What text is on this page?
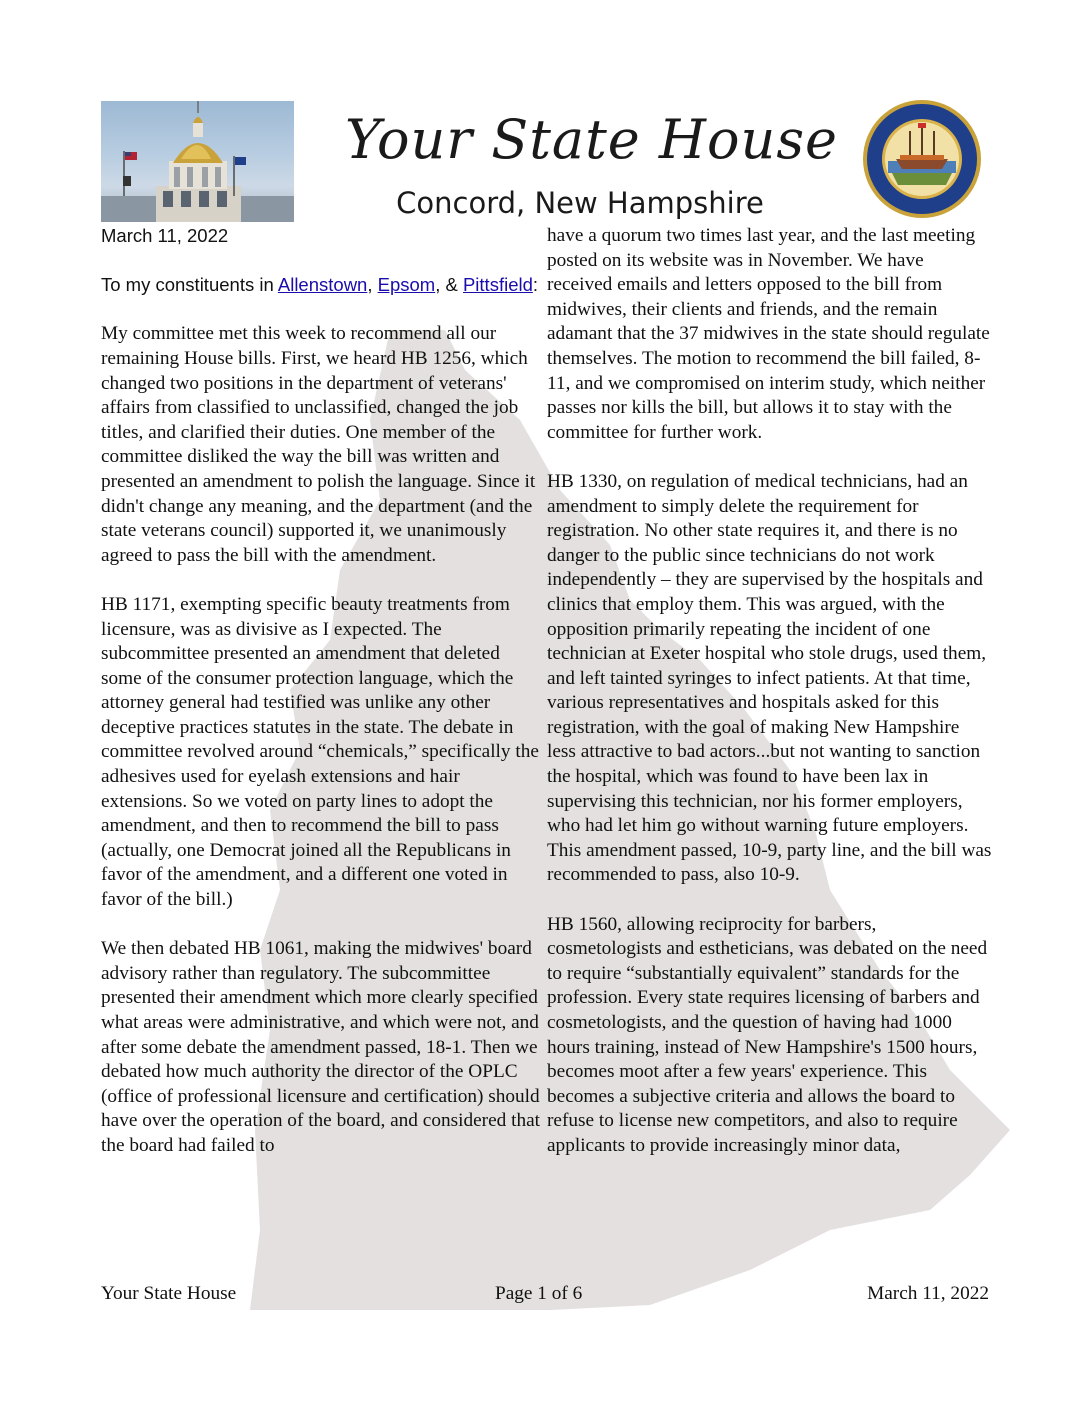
Your State House
Concord, New Hampshire

March 11, 2022

To my constituents in Allenstown, Epsom, & Pittsfield:

My committee met this week to recommend all our remaining House bills. First, we heard HB 1256, which changed two positions in the department of veterans' affairs from classified to unclassified, changed the job titles, and clarified their duties. One member of the committee disliked the way the bill was written and presented an amendment to polish the language. Since it didn't change any meaning, and the department (and the state veterans council) supported it, we unanimously agreed to pass the bill with the amendment.

HB 1171, exempting specific beauty treatments from licensure, was as divisive as I expected. The subcommittee presented an amendment that deleted some of the consumer protection language, which the attorney general had testified was unlike any other deceptive practices statutes in the state. The debate in committee revolved around “chemicals,” specifically the adhesives used for eyelash extensions and hair extensions. So we voted on party lines to adopt the amendment, and then to recommend the bill to pass (actually, one Democrat joined all the Republicans in favor of the amendment, and a different one voted in favor of the bill.)

We then debated HB 1061, making the midwives' board advisory rather than regulatory. The subcommittee presented their amendment which more clearly specified what areas were administrative, and which were not, and after some debate the amendment passed, 18-1. Then we debated how much authority the director of the OPLC (office of professional licensure and certification) should have over the operation of the board, and considered that the board had failed to

have a quorum two times last year, and the last meeting posted on its website was in November. We have received emails and letters opposed to the bill from midwives, their clients and friends, and the remain adamant that the 37 midwives in the state should regulate themselves. The motion to recommend the bill failed, 8-11, and we compromised on interim study, which neither passes nor kills the bill, but allows it to stay with the committee for further work.

HB 1330, on regulation of medical technicians, had an amendment to simply delete the requirement for registration. No other state requires it, and there is no danger to the public since technicians do not work independently – they are supervised by the hospitals and clinics that employ them. This was argued, with the opposition primarily repeating the incident of one technician at Exeter hospital who stole drugs, used them, and left tainted syringes to infect patients. At that time, various representatives and hospitals asked for this registration, with the goal of making New Hampshire less attractive to bad actors...but not wanting to sanction the hospital, which was found to have been lax in supervising this technician, nor his former employers, who had let him go without warning future employers. This amendment passed, 10-9, party line, and the bill was recommended to pass, also 10-9.

HB 1560, allowing reciprocity for barbers, cosmetologists and estheticians, was debated on the need to require “substantially equivalent” standards for the profession. Every state requires licensing of barbers and cosmetologists, and the question of having had 1000 hours training, instead of New Hampshire's 1500 hours, becomes moot after a few years' experience. This becomes a subjective criteria and allows the board to refuse to license new competitors, and also to require applicants to provide increasingly minor data,

Your State House	Page 1 of 6	March 11, 2022
